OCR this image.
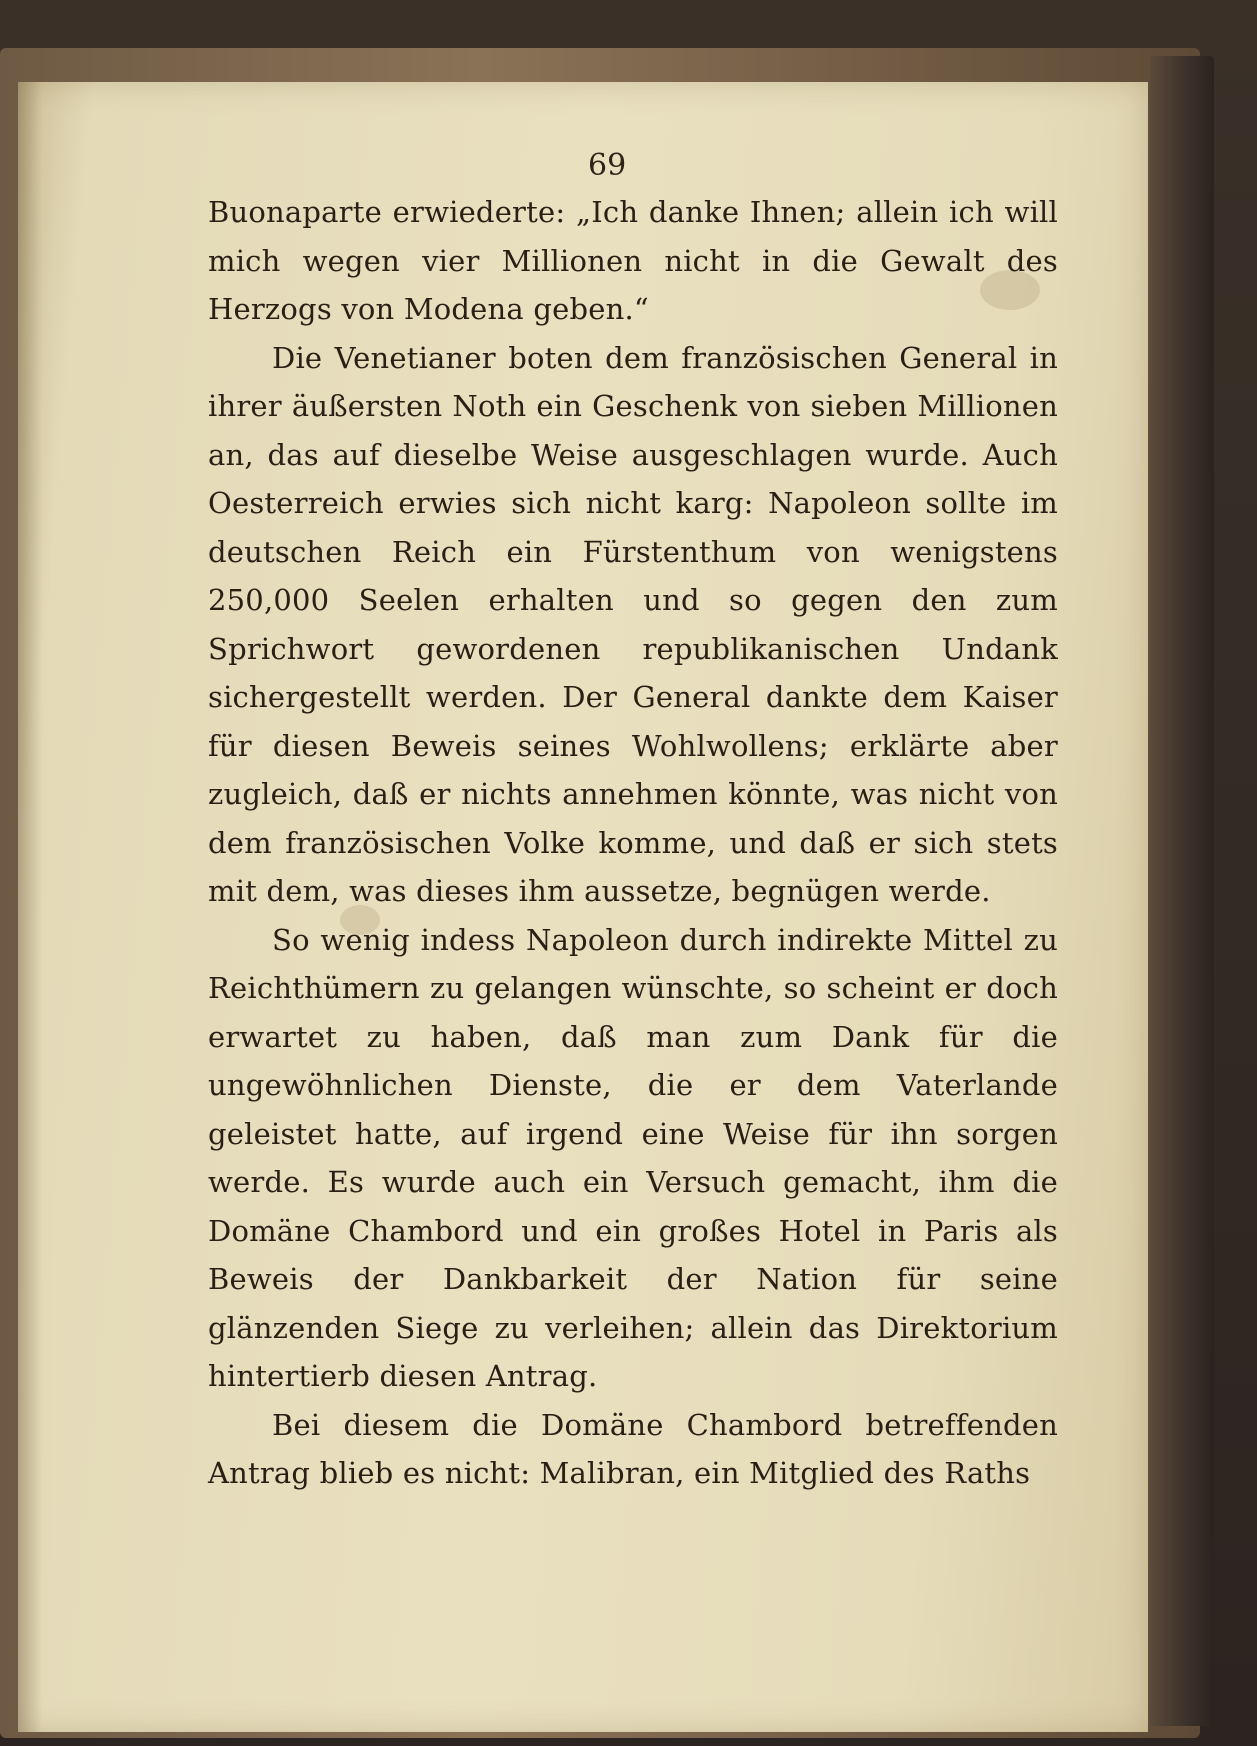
69

Buonaparte erwiederte: „Ich danke Ihnen; allein ich will mich wegen vier Millionen nicht in die Gewalt des Herzogs von Modena geben.“

Die Venetianer boten dem französischen General in ihrer äußersten Noth ein Geschenk von sieben Millionen an, das auf dieselbe Weise ausgeschlagen wurde. Auch Oesterreich erwies sich nicht karg: Napoleon sollte im deutschen Reich ein Fürstenthum von wenigstens 250,000 Seelen erhalten und so gegen den zum Sprichwort gewordenen republikanischen Undank sichergestellt werden. Der General dankte dem Kaiser für diesen Beweis seines Wohlwollens; erklärte aber zugleich, daß er nichts annehmen könnte, was nicht von dem französischen Volke komme, und daß er sich stets mit dem, was dieses ihm aussetze, begnügen werde.

So wenig indess Napoleon durch indirekte Mittel zu Reichthümern zu gelangen wünschte, so scheint er doch erwartet zu haben, daß man zum Dank für die ungewöhnlichen Dienste, die er dem Vaterlande geleistet hatte, auf irgend eine Weise für ihn sorgen werde. Es wurde auch ein Versuch gemacht, ihm die Domäne Chambord und ein großes Hotel in Paris als Beweis der Dankbarkeit der Nation für seine glänzenden Siege zu verleihen; allein das Direktorium hintertierb diesen Antrag.

Bei diesem die Domäne Chambord betreffenden Antrag blieb es nicht: Malibran, ein Mitglied des Raths
